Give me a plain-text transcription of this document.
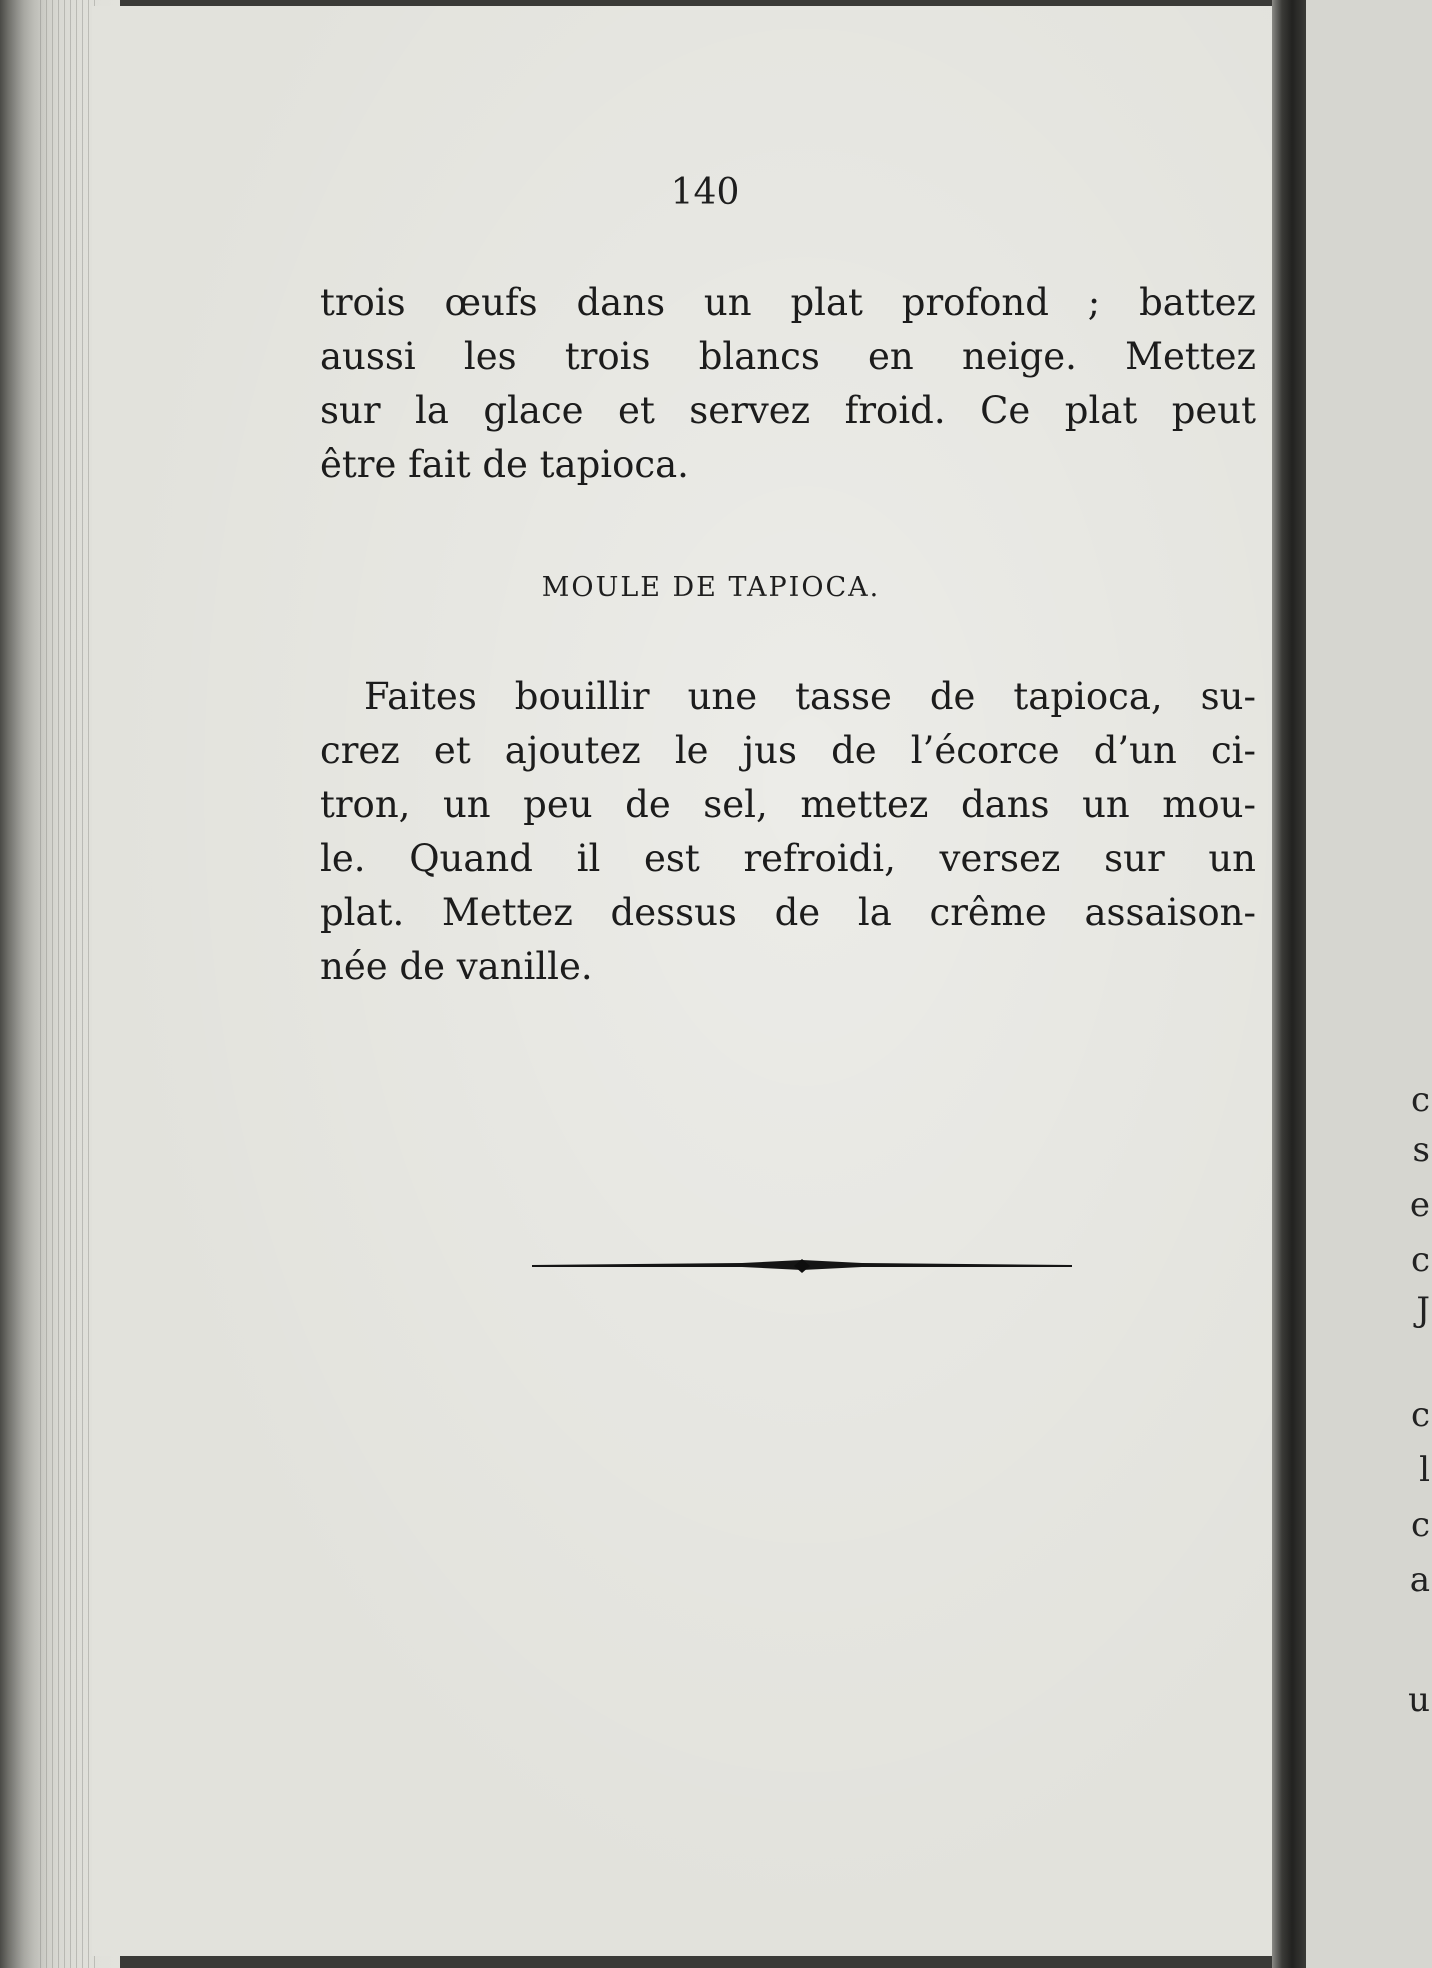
140
trois œufs dans un plat profond ; battez
aussi les trois blancs en neige. Mettez
sur la glace et servez froid. Ce plat peut
être fait de tapioca.
MOULE DE TAPIOCA.
Faites bouillir une tasse de tapioca, su-
crez et ajoutez le jus de l’écorce d’un ci-
tron, un peu de sel, mettez dans un mou-
le. Quand il est refroidi, versez sur un
plat. Mettez dessus de la crême assaison-
née de vanille.
c
s
e
c
J
c
l
c
a
u
